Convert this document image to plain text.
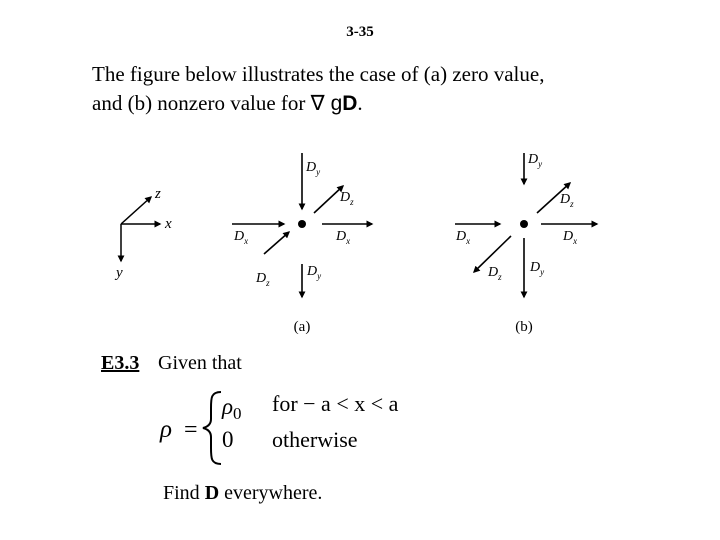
3-35
The figure below illustrates the case of (a) zero value,
and (b) nonzero value for ∇ gD.
z
x
y
$D_y$
$D_z$
$D_x$	$D_x$
$D_z$
$D_y$
(a)
$D_y$
$D_z$
$D_x$	$D_x$
$D_z$
$D_y$
(b)
E3.3 Given that
ρ =
$\rho_0$ for − a < x < a
0 otherwise
Find D everywhere.
